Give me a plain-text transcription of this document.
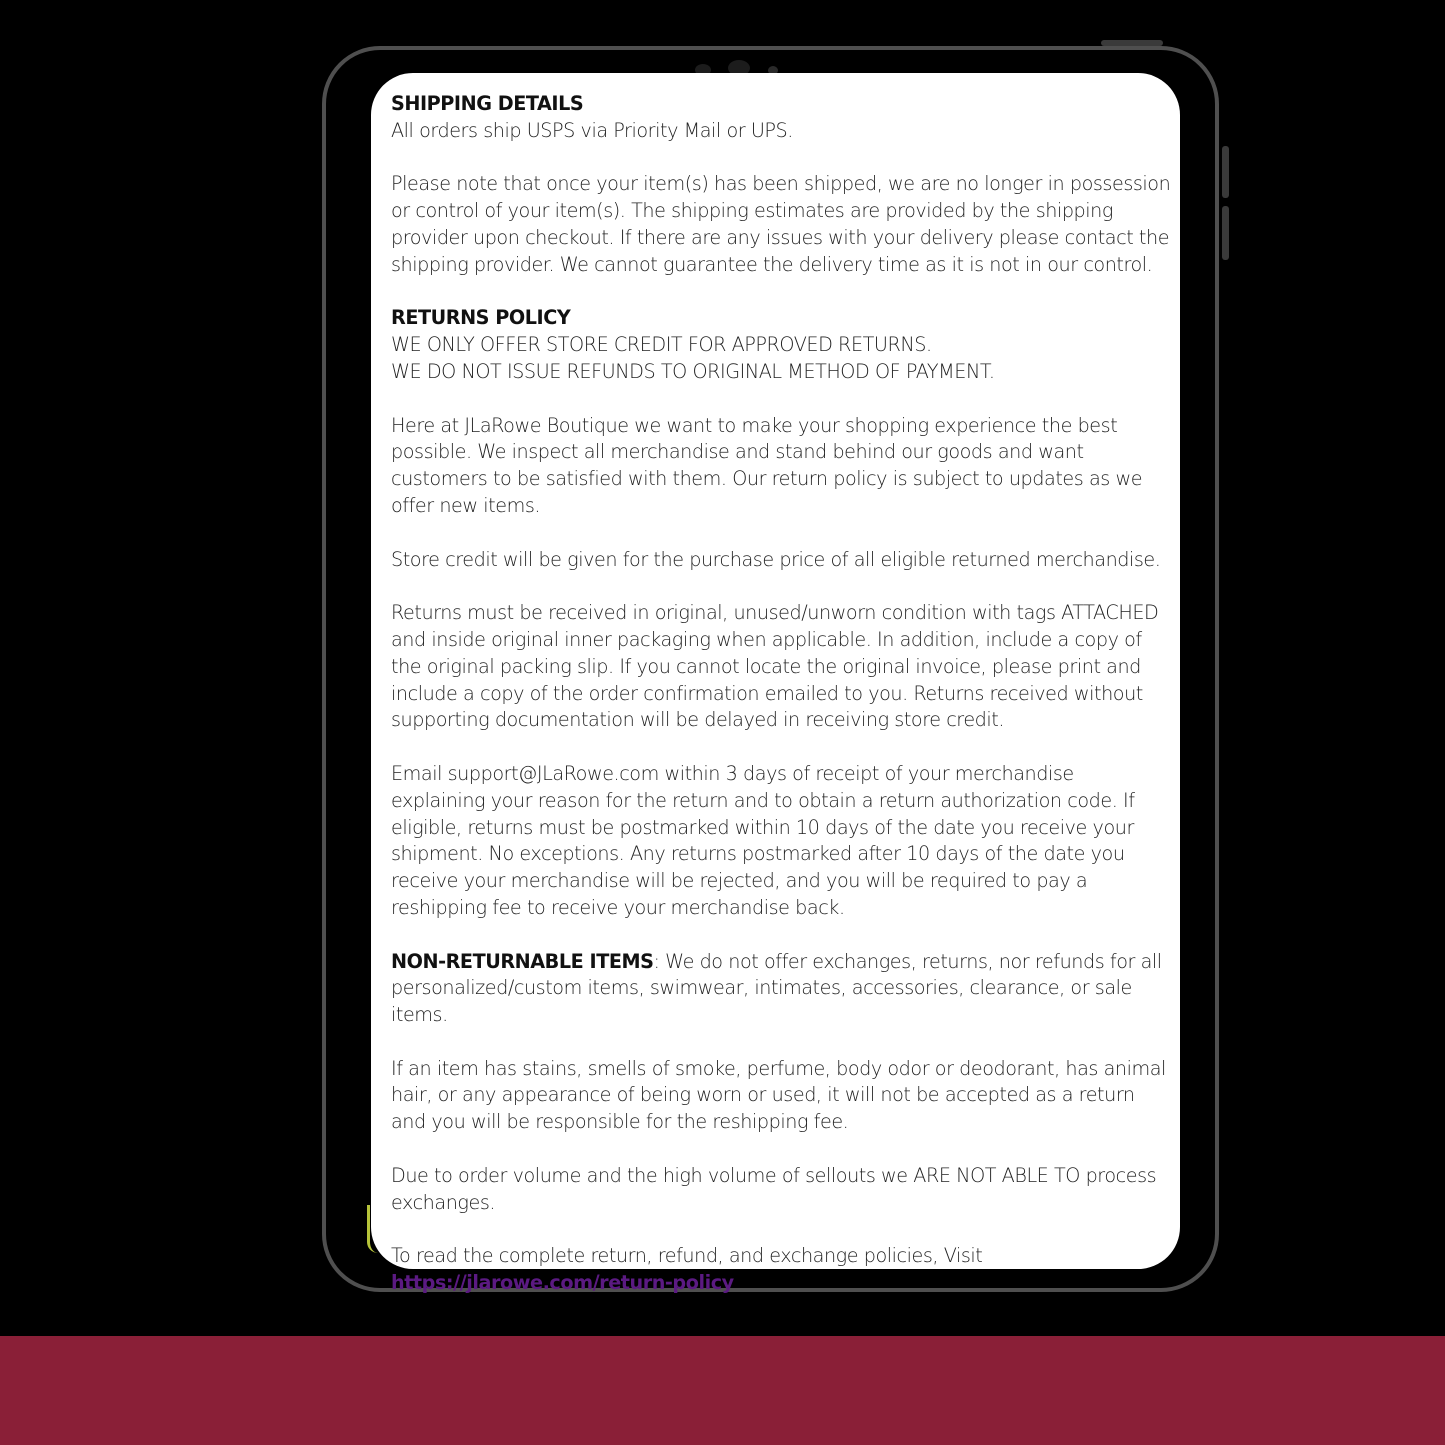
SHIPPING DETAILS
All orders ship USPS via Priority Mail or UPS.

Please note that once your item(s) has been shipped, we are no longer in possession or control of your item(s). The shipping estimates are provided by the shipping provider upon checkout. If there are any issues with your delivery please contact the shipping provider. We cannot guarantee the delivery time as it is not in our control.

RETURNS POLICY
WE ONLY OFFER STORE CREDIT FOR APPROVED RETURNS.
WE DO NOT ISSUE REFUNDS TO ORIGINAL METHOD OF PAYMENT.

Here at JLaRowe Boutique we want to make your shopping experience the best possible. We inspect all merchandise and stand behind our goods and want customers to be satisfied with them. Our return policy is subject to updates as we offer new items.

Store credit will be given for the purchase price of all eligible returned merchandise.

Returns must be received in original, unused/unworn condition with tags ATTACHED and inside original inner packaging when applicable. In addition, include a copy of the original packing slip. If you cannot locate the original invoice, please print and include a copy of the order confirmation emailed to you. Returns received without supporting documentation will be delayed in receiving store credit.

Email support@JLaRowe.com within 3 days of receipt of your merchandise explaining your reason for the return and to obtain a return authorization code. If eligible, returns must be postmarked within 10 days of the date you receive your shipment. No exceptions. Any returns postmarked after 10 days of the date you receive your merchandise will be rejected, and you will be required to pay a reshipping fee to receive your merchandise back.

NON-RETURNABLE ITEMS: We do not offer exchanges, returns, nor refunds for all personalized/custom items, swimwear, intimates, accessories, clearance, or sale items.

If an item has stains, smells of smoke, perfume, body odor or deodorant, has animal hair, or any appearance of being worn or used, it will not be accepted as a return and you will be responsible for the reshipping fee.

Due to order volume and the high volume of sellouts we ARE NOT ABLE TO process exchanges.

To read the complete return, refund, and exchange policies, Visit
https://jlarowe.com/return-policy
